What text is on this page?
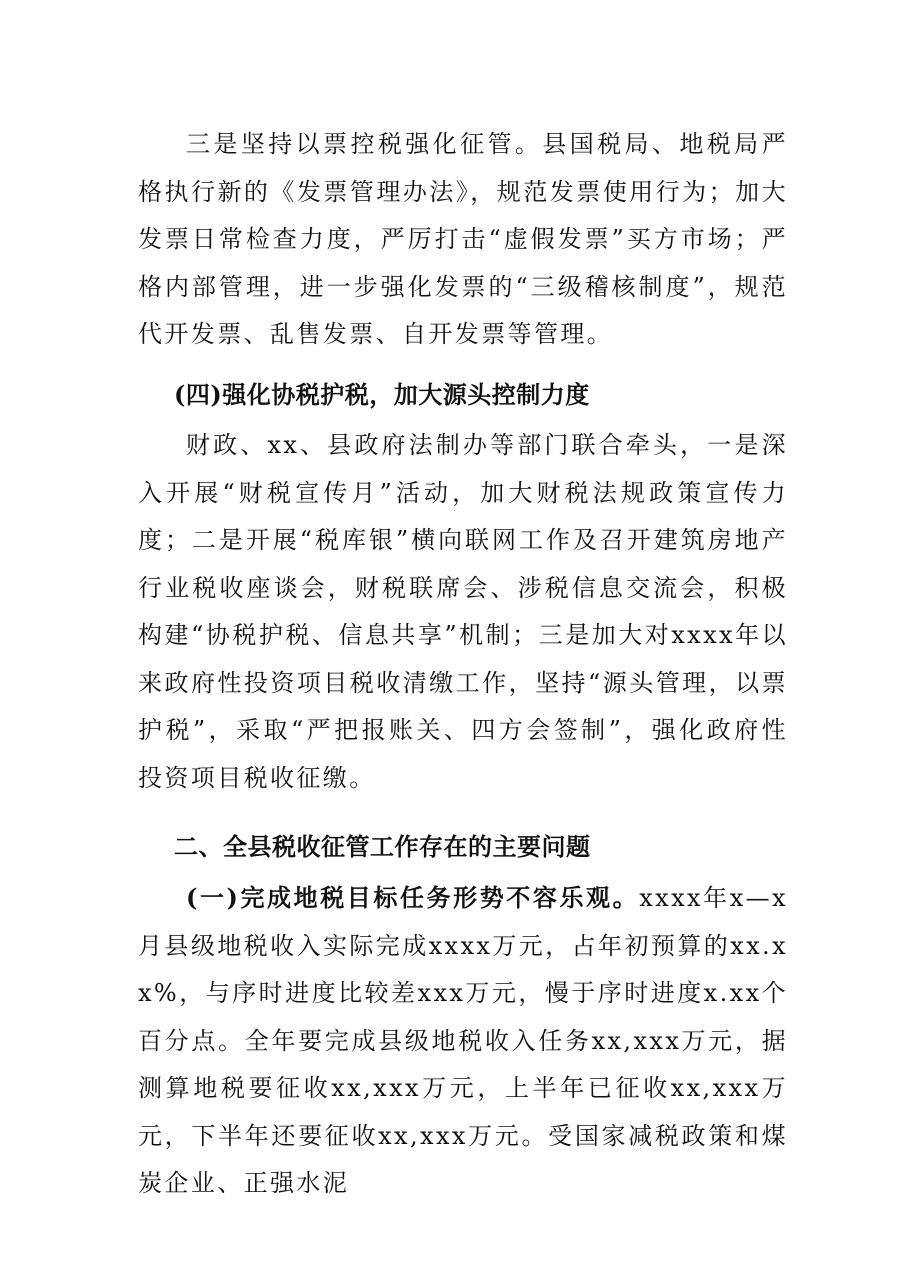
三是坚持以票控税强化征管。县国税局、地税局严格执行新的《发票管理办法》，规范发票使用行为；加大发票日常检查力度，严厉打击“虚假发票”买方市场；严格内部管理，进一步强化发票的“三级稽核制度”，规范代开发票、乱售发票、自开发票等管理。

(四)强化协税护税，加大源头控制力度

财政、xx、县政府法制办等部门联合牵头，一是深入开展“财税宣传月”活动，加大财税法规政策宣传力度；二是开展“税库银”横向联网工作及召开建筑房地产行业税收座谈会，财税联席会、涉税信息交流会，积极构建“协税护税、信息共享”机制；三是加大对xxxx年以来政府性投资项目税收清缴工作，坚持“源头管理，以票护税”，采取“严把报账关、四方会签制”，强化政府性投资项目税收征缴。

二、全县税收征管工作存在的主要问题

(一)完成地税目标任务形势不容乐观。xxxx年x—x月县级地税收入实际完成xxxx万元，占年初预算的xx.xx%，与序时进度比较差xxx万元，慢于序时进度x.xx个百分点。全年要完成县级地税收入任务xx,xxx万元，据测算地税要征收xx,xxx万元，上半年已征收xx,xxx万元，下半年还要征收xx,xxx万元。受国家减税政策和煤炭企业、正强水泥
